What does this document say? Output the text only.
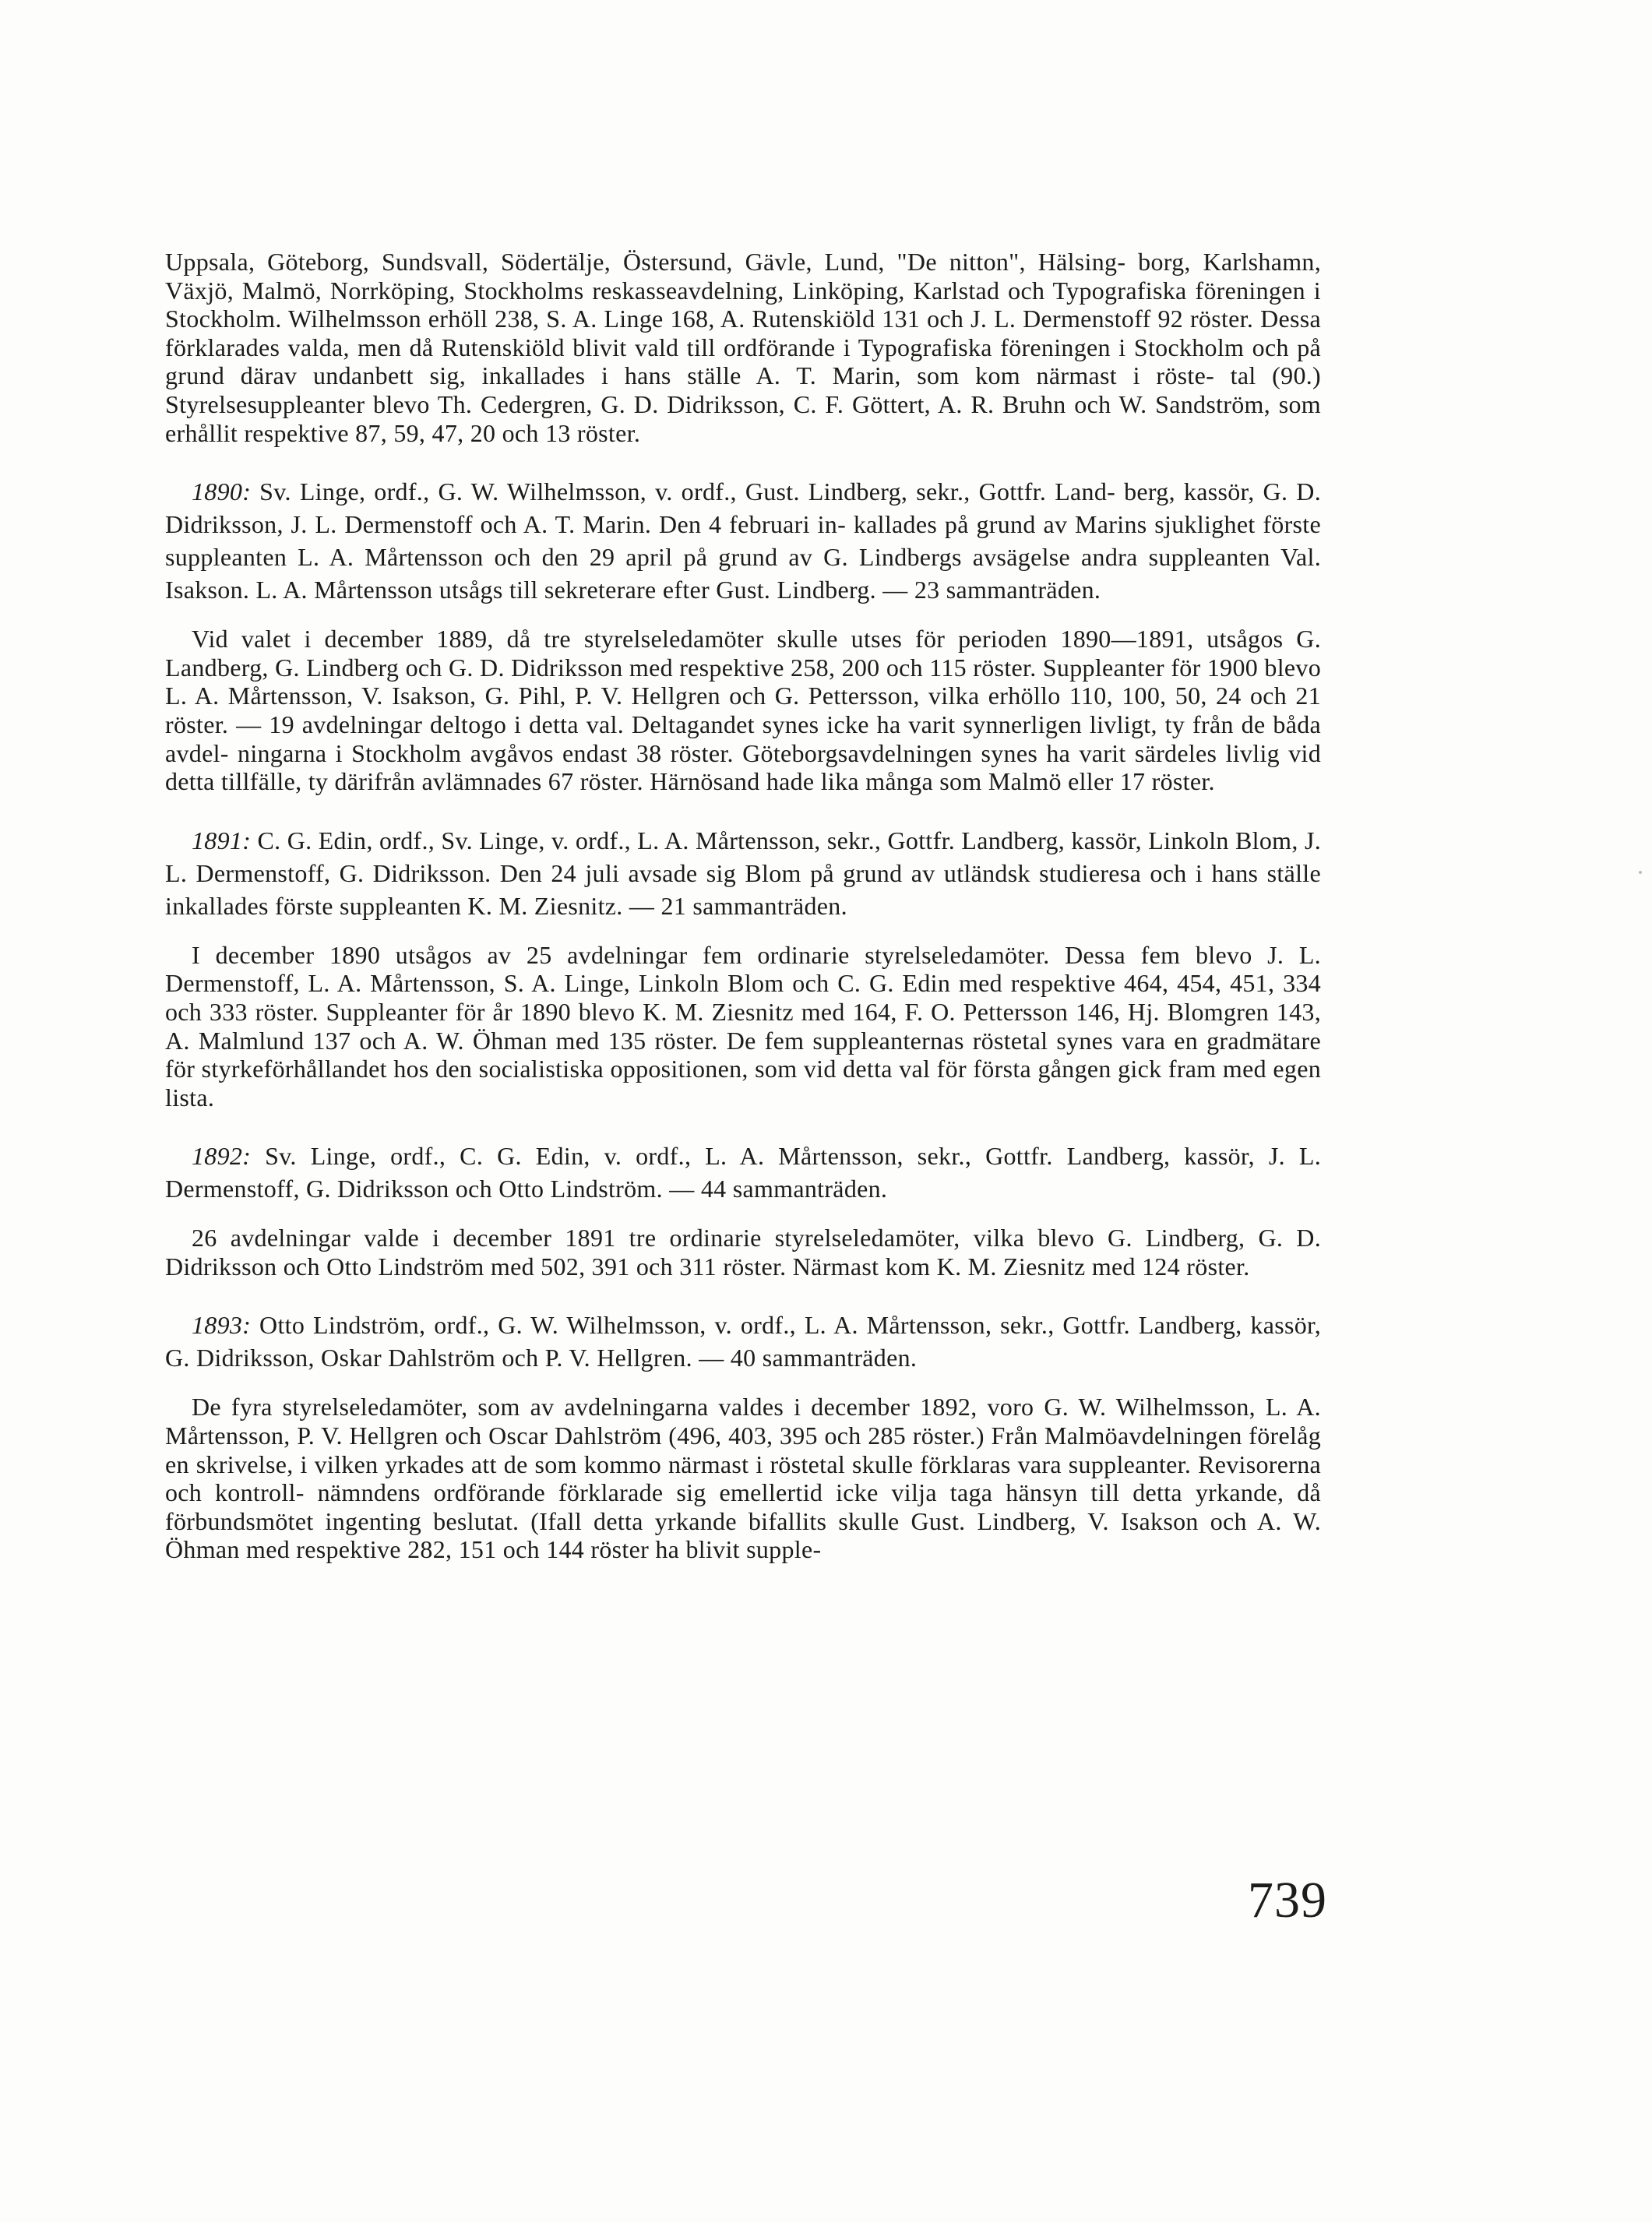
Uppsala, Göteborg, Sundsvall, Södertälje, Östersund, Gävle, Lund, "De nitton", Hälsing- borg, Karlshamn, Växjö, Malmö, Norrköping, Stockholms reskasseavdelning, Linköping, Karlstad och Typografiska föreningen i Stockholm. Wilhelmsson erhöll 238, S. A. Linge 168, A. Rutenskiöld 131 och J. L. Dermenstoff 92 röster. Dessa förklarades valda, men då Rutenskiöld blivit vald till ordförande i Typografiska föreningen i Stockholm och på grund därav undanbett sig, inkallades i hans ställe A. T. Marin, som kom närmast i röste- tal (90.) Styrelsesuppleanter blevo Th. Cedergren, G. D. Didriksson, C. F. Göttert, A. R. Bruhn och W. Sandström, som erhållit respektive 87, 59, 47, 20 och 13 röster.

1890: Sv. Linge, ordf., G. W. Wilhelmsson, v. ordf., Gust. Lindberg, sekr., Gottfr. Land- berg, kassör, G. D. Didriksson, J. L. Dermenstoff och A. T. Marin. Den 4 februari in- kallades på grund av Marins sjuklighet förste suppleanten L. A. Mårtensson och den 29 april på grund av G. Lindbergs avsägelse andra suppleanten Val. Isakson. L. A. Mårtensson utsågs till sekreterare efter Gust. Lindberg. — 23 sammanträden.

Vid valet i december 1889, då tre styrelseledamöter skulle utses för perioden 1890—1891, utsågos G. Landberg, G. Lindberg och G. D. Didriksson med respektive 258, 200 och 115 röster. Suppleanter för 1900 blevo L. A. Mårtensson, V. Isakson, G. Pihl, P. V. Hellgren och G. Pettersson, vilka erhöllo 110, 100, 50, 24 och 21 röster. — 19 avdelningar deltogo i detta val. Deltagandet synes icke ha varit synnerligen livligt, ty från de båda avdel- ningarna i Stockholm avgåvos endast 38 röster. Göteborgsavdelningen synes ha varit särdeles livlig vid detta tillfälle, ty därifrån avlämnades 67 röster. Härnösand hade lika många som Malmö eller 17 röster.

1891: C. G. Edin, ordf., Sv. Linge, v. ordf., L. A. Mårtensson, sekr., Gottfr. Landberg, kassör, Linkoln Blom, J. L. Dermenstoff, G. Didriksson. Den 24 juli avsade sig Blom på grund av utländsk studieresa och i hans ställe inkallades förste suppleanten K. M. Ziesnitz. — 21 sammanträden.

I december 1890 utsågos av 25 avdelningar fem ordinarie styrelseledamöter. Dessa fem blevo J. L. Dermenstoff, L. A. Mårtensson, S. A. Linge, Linkoln Blom och C. G. Edin med respektive 464, 454, 451, 334 och 333 röster. Suppleanter för år 1890 blevo K. M. Ziesnitz med 164, F. O. Pettersson 146, Hj. Blomgren 143, A. Malmlund 137 och A. W. Öhman med 135 röster. De fem suppleanternas röstetal synes vara en gradmätare för styrkeförhållandet hos den socialistiska oppositionen, som vid detta val för första gången gick fram med egen lista.

1892: Sv. Linge, ordf., C. G. Edin, v. ordf., L. A. Mårtensson, sekr., Gottfr. Landberg, kassör, J. L. Dermenstoff, G. Didriksson och Otto Lindström. — 44 sammanträden.

26 avdelningar valde i december 1891 tre ordinarie styrelseledamöter, vilka blevo G. Lindberg, G. D. Didriksson och Otto Lindström med 502, 391 och 311 röster. Närmast kom K. M. Ziesnitz med 124 röster.

1893: Otto Lindström, ordf., G. W. Wilhelmsson, v. ordf., L. A. Mårtensson, sekr., Gottfr. Landberg, kassör, G. Didriksson, Oskar Dahlström och P. V. Hellgren. — 40 sammanträden.

De fyra styrelseledamöter, som av avdelningarna valdes i december 1892, voro G. W. Wilhelmsson, L. A. Mårtensson, P. V. Hellgren och Oscar Dahlström (496, 403, 395 och 285 röster.) Från Malmöavdelningen förelåg en skrivelse, i vilken yrkades att de som kommo närmast i röstetal skulle förklaras vara suppleanter. Revisorerna och kontroll- nämndens ordförande förklarade sig emellertid icke vilja taga hänsyn till detta yrkande, då förbundsmötet ingenting beslutat. (Ifall detta yrkande bifallits skulle Gust. Lindberg, V. Isakson och A. W. Öhman med respektive 282, 151 och 144 röster ha blivit supple-

739
